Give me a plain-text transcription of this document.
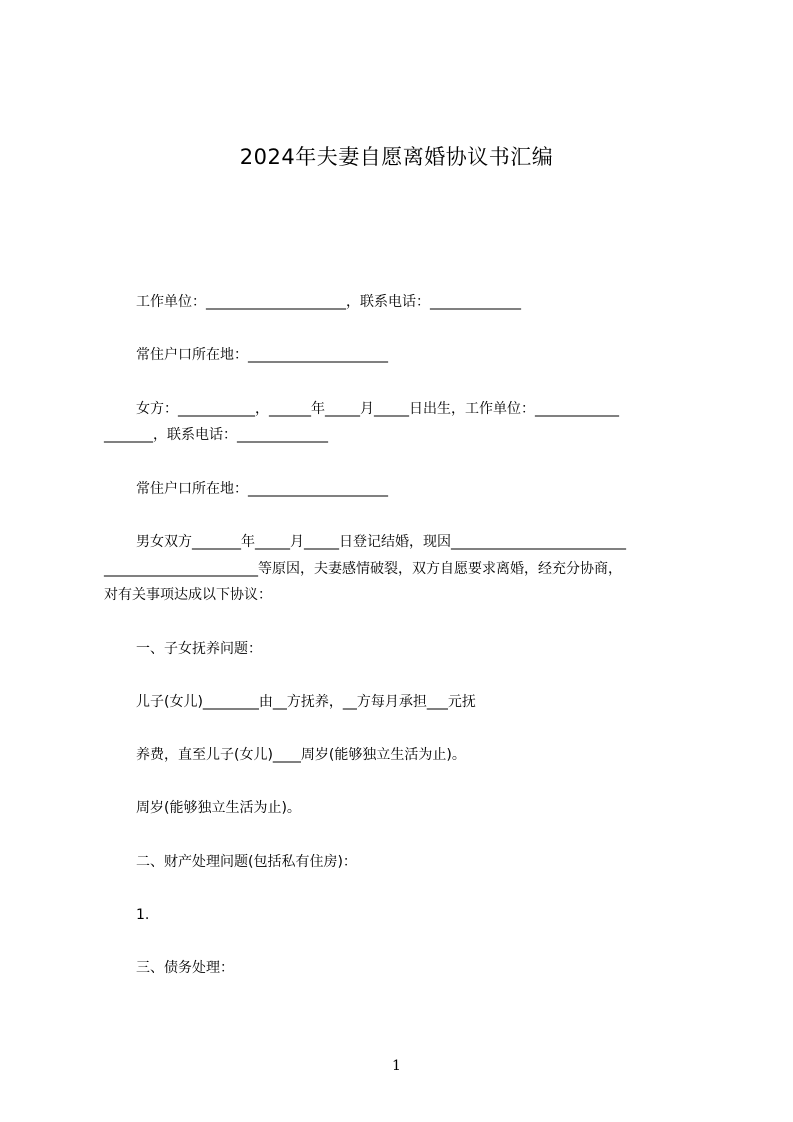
2024年夫妻自愿离婚协议书汇编
工作单位：____________________，联系电话：_____________
常住户口所在地：____________________
女方：___________，______年_____月_____日出生，工作单位：____________
_______，联系电话：_____________
常住户口所在地：____________________
男女双方_______年_____月_____日登记结婚，现因_________________________
______________________等原因，夫妻感情破裂，双方自愿要求离婚，经充分协商，
对有关事项达成以下协议：
一、子女抚养问题：
儿子(女儿)________由__方抚养，__方每月承担___元抚
养费，直至儿子(女儿)____周岁(能够独立生活为止)。
周岁(能够独立生活为止)。
二、财产处理问题(包括私有住房)：
1.
三、债务处理：
1
